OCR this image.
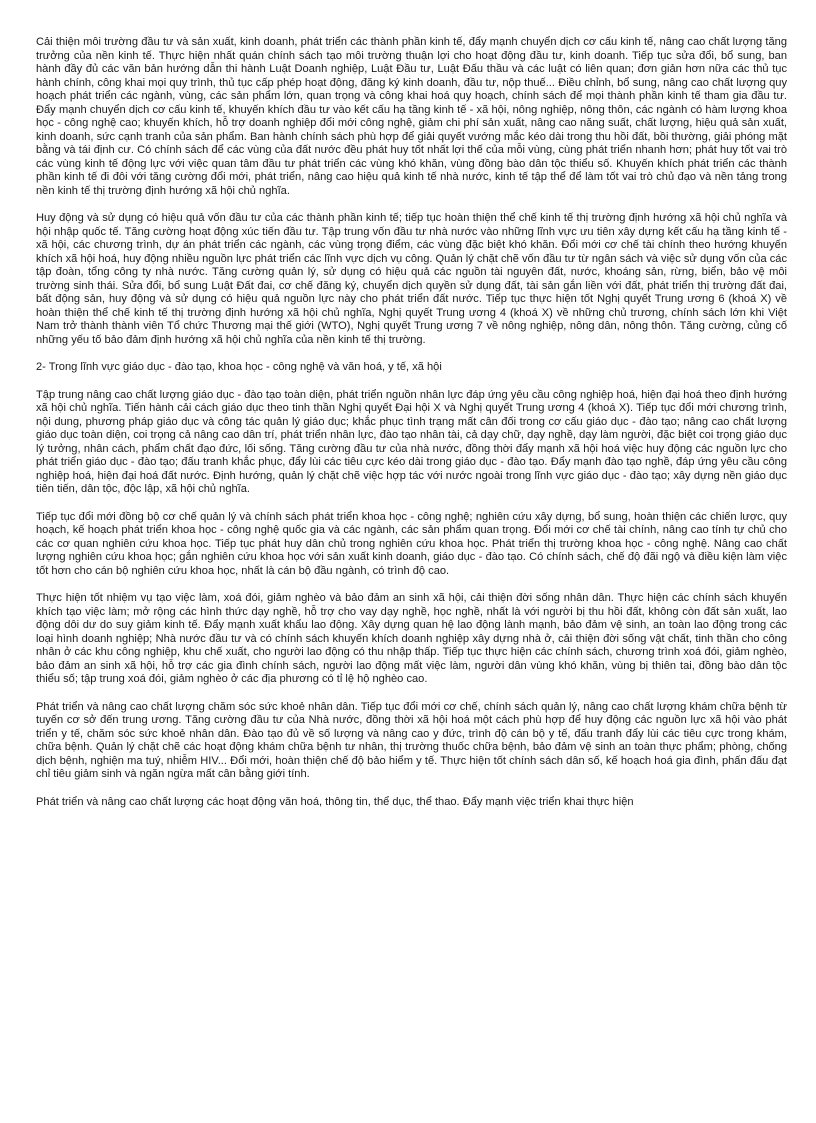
Cải thiện môi trường đầu tư và sản xuất, kinh doanh, phát triển các thành phần kinh tế, đẩy mạnh chuyển dịch cơ cấu kinh tế, nâng cao chất lượng tăng trưởng của nền kinh tế. Thực hiện nhất quán chính sách tạo môi trường thuận lợi cho hoạt động đầu tư, kinh doanh. Tiếp tục sửa đổi, bổ sung, ban hành đầy đủ các văn bản hướng dẫn thi hành Luật Doanh nghiệp, Luật Đầu tư, Luật Đấu thầu và các luật có liên quan; đơn giản hơn nữa các thủ tục hành chính, công khai mọi quy trình, thủ tục cấp phép hoạt động, đăng ký kinh doanh, đầu tư, nộp thuế... Điều chỉnh, bổ sung, nâng cao chất lượng quy hoạch phát triển các ngành, vùng, các sản phẩm lớn, quan trọng và công khai hoá quy hoạch, chính sách để mọi thành phần kinh tế tham gia đầu tư. Đẩy mạnh chuyển dịch cơ cấu kinh tế, khuyến khích đầu tư vào kết cấu hạ tầng kinh tế - xã hội, nông nghiệp, nông thôn, các ngành có hàm lượng khoa học - công nghệ cao; khuyến khích, hỗ trợ doanh nghiệp đổi mới công nghệ, giảm chi phí sản xuất, nâng cao năng suất, chất lượng, hiệu quả sản xuất, kinh doanh, sức cạnh tranh của sản phẩm. Ban hành chính sách phù hợp để giải quyết vướng mắc kéo dài trong thu hồi đất, bồi thường, giải phóng mặt bằng và tái định cư. Có chính sách để các vùng của đất nước đều phát huy tốt nhất lợi thế của mỗi vùng, cùng phát triển nhanh hơn; phát huy tốt vai trò các vùng kinh tế động lực với việc quan tâm đầu tư phát triển các vùng khó khăn, vùng đồng bào dân tộc thiểu số. Khuyến khích phát triển các thành phần kinh tế đi đôi với tăng cường đổi mới, phát triển, nâng cao hiệu quả kinh tế nhà nước, kinh tế tập thể để làm tốt vai trò chủ đạo và nền tảng trong nền kinh tế thị trường định hướng xã hội chủ nghĩa.

Huy động và sử dụng có hiệu quả vốn đầu tư của các thành phần kinh tế; tiếp tục hoàn thiện thể chế kinh tế thị trường định hướng xã hội chủ nghĩa và hội nhập quốc tế. Tăng cường hoạt động xúc tiến đầu tư. Tập trung vốn đầu tư nhà nước vào những lĩnh vực ưu tiên xây dựng kết cấu hạ tầng kinh tế - xã hội, các chương trình, dự án phát triển các ngành, các vùng trọng điểm, các vùng đặc biệt khó khăn. Đổi mới cơ chế tài chính theo hướng khuyến khích xã hội hoá, huy động nhiều nguồn lực phát triển các lĩnh vực dịch vụ công. Quản lý chặt chẽ vốn đầu tư từ ngân sách và việc sử dụng vốn của các tập đoàn, tổng công ty nhà nước. Tăng cường quản lý, sử dụng có hiệu quả các nguồn tài nguyên đất, nước, khoáng sản, rừng, biển, bảo vệ môi trường sinh thái. Sửa đổi, bổ sung Luật Đất đai, cơ chế đăng ký, chuyển dịch quyền sử dụng đất, tài sản gắn liền với đất, phát triển thị trường đất đai, bất động sản, huy động và sử dụng có hiệu quả nguồn lực này cho phát triển đất nước. Tiếp tục thực hiện tốt Nghị quyết Trung ương 6 (khoá X) về hoàn thiện thể chế kinh tế thị trường định hướng xã hội chủ nghĩa, Nghị quyết Trung ương 4 (khoá X) về những chủ trương, chính sách lớn khi Việt Nam trở thành thành viên Tổ chức Thương mại thế giới (WTO), Nghị quyết Trung ương 7 về nông nghiệp, nông dân, nông thôn. Tăng cường, củng cố những yếu tố bảo đảm định hướng xã hội chủ nghĩa của nền kinh tế thị trường.

2- Trong lĩnh vực giáo dục - đào tạo, khoa học - công nghệ và văn hoá, y tế, xã hội

Tập trung nâng cao chất lượng giáo dục - đào tạo toàn diện, phát triển nguồn nhân lực đáp ứng yêu cầu công nghiệp hoá, hiện đại hoá theo định hướng xã hội chủ nghĩa. Tiến hành cải cách giáo dục theo tinh thần Nghị quyết Đại hội X và Nghị quyết Trung ương 4 (khoá X). Tiếp tục đổi mới chương trình, nội dung, phương pháp giáo dục và công tác quản lý giáo dục; khắc phục tình trạng mất cân đối trong cơ cấu giáo dục - đào tạo; nâng cao chất lượng giáo dục toàn diện, coi trọng cả nâng cao dân trí, phát triển nhân lực, đào tạo nhân tài, cả dạy chữ, dạy nghề, dạy làm người, đặc biệt coi trọng giáo dục lý tưởng, nhân cách, phẩm chất đạo đức, lối sống. Tăng cường đầu tư của nhà nước, đồng thời đẩy mạnh xã hội hoá việc huy động các nguồn lực cho phát triển giáo dục - đào tạo; đấu tranh khắc phục, đẩy lùi các tiêu cực kéo dài trong giáo dục - đào tạo. Đẩy mạnh đào tạo nghề, đáp ứng yêu cầu công nghiệp hoá, hiện đại hoá đất nước. Định hướng, quản lý chặt chẽ việc hợp tác với nước ngoài trong lĩnh vực giáo dục - đào tạo; xây dựng nền giáo dục tiên tiến, dân tộc, độc lập, xã hội chủ nghĩa.

Tiếp tục đổi mới đồng bộ cơ chế quản lý và chính sách phát triển khoa học - công nghệ; nghiên cứu xây dựng, bổ sung, hoàn thiện các chiến lược, quy hoạch, kế hoạch phát triển khoa học - công nghệ quốc gia và các ngành, các sản phẩm quan trọng. Đổi mới cơ chế tài chính, nâng cao tính tự chủ cho các cơ quan nghiên cứu khoa học. Tiếp tục phát huy dân chủ trong nghiên cứu khoa học. Phát triển thị trường khoa học - công nghệ. Nâng cao chất lượng nghiên cứu khoa học; gắn nghiên cứu khoa học với sản xuất kinh doanh, giáo dục - đào tạo. Có chính sách, chế độ đãi ngộ và điều kiện làm việc tốt hơn cho cán bộ nghiên cứu khoa học, nhất là cán bộ đầu ngành, có trình độ cao.

Thực hiện tốt nhiệm vụ tạo việc làm, xoá đói, giảm nghèo và bảo đảm an sinh xã hội, cải thiện đời sống nhân dân. Thực hiện các chính sách khuyến khích tạo việc làm; mở rộng các hình thức dạy nghề, hỗ trợ cho vay dạy nghề, học nghề, nhất là với người bị thu hồi đất, không còn đất sản xuất, lao động dôi dư do suy giảm kinh tế. Đẩy mạnh xuất khẩu lao động. Xây dựng quan hệ lao động lành mạnh, bảo đảm vệ sinh, an toàn lao động trong các loại hình doanh nghiệp; Nhà nước đầu tư và có chính sách khuyến khích doanh nghiệp xây dựng nhà ở, cải thiện đời sống vật chất, tinh thần cho công nhân ở các khu công nghiệp, khu chế xuất, cho người lao động có thu nhập thấp. Tiếp tục thực hiện các chính sách, chương trình xoá đói, giảm nghèo, bảo đảm an sinh xã hội, hỗ trợ các gia đình chính sách, người lao động mất việc làm, người dân vùng khó khăn, vùng bị thiên tai, đồng bào dân tộc thiểu số; tập trung xoá đói, giảm nghèo ở các địa phương có tỉ lệ hộ nghèo cao.

Phát triển và nâng cao chất lượng chăm sóc sức khoẻ nhân dân. Tiếp tục đổi mới cơ chế, chính sách quản lý, nâng cao chất lượng khám chữa bệnh từ tuyến cơ sở đến trung ương. Tăng cường đầu tư của Nhà nước, đồng thời xã hội hoá một cách phù hợp để huy động các nguồn lực xã hội vào phát triển y tế, chăm sóc sức khoẻ nhân dân. Đào tạo đủ về số lượng và nâng cao y đức, trình độ cán bộ y tế, đấu tranh đẩy lùi các tiêu cực trong khám, chữa bệnh. Quản lý chặt chẽ các hoạt động khám chữa bệnh tư nhân, thị trường thuốc chữa bệnh, bảo đảm vệ sinh an toàn thực phẩm; phòng, chống dịch bệnh, nghiện ma tuý, nhiễm HIV... Đổi mới, hoàn thiện chế độ bảo hiểm y tế. Thực hiện tốt chính sách dân số, kế hoạch hoá gia đình, phấn đấu đạt chỉ tiêu giảm sinh và ngăn ngừa mất cân bằng giới tính.

Phát triển và nâng cao chất lượng các hoạt động văn hoá, thông tin, thể dục, thể thao. Đẩy mạnh việc triển khai thực hiện
